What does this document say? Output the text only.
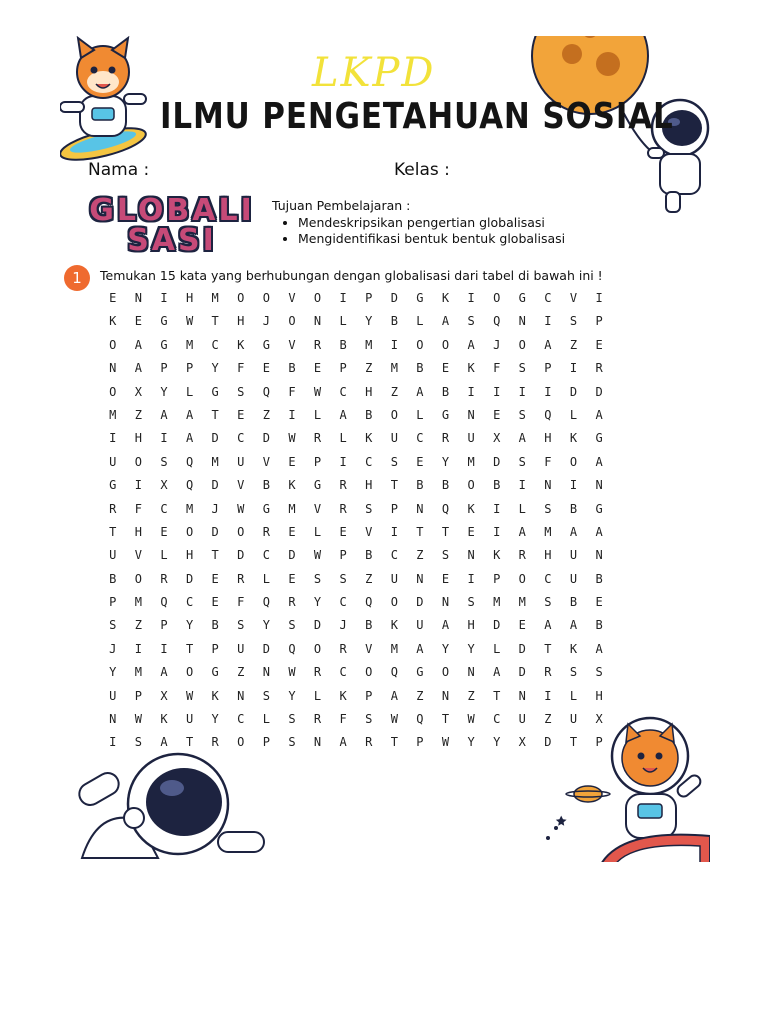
LKPD
ILMU PENGETAHUAN SOSIAL
Nama :	Kelas :
GLOBALI
SASI
Tujuan Pembelajaran :
• Mendeskripsikan pengertian globalisasi
• Mengidentifikasi bentuk bentuk globalisasi
1	Temukan 15 kata yang berhubungan dengan globalisasi dari tabel di bawah ini !
E	N	I	H	M	O	O	V	O	I	P	D	G	K	I	O	G	C	V	I
K	E	G	W	T	H	J	O	N	L	Y	B	L	A	S	Q	N	I	S	P
O	A	G	M	C	K	G	V	R	B	M	I	O	O	A	J	O	A	Z	E
N	A	P	P	Y	F	E	B	E	P	Z	M	B	E	K	F	S	P	I	R
O	X	Y	L	G	S	Q	F	W	C	H	Z	A	B	I	I	I	I	D	D
M	Z	A	A	T	E	Z	I	L	A	B	O	L	G	N	E	S	Q	L	A
I	H	I	A	D	C	D	W	R	L	K	U	C	R	U	X	A	H	K	G
U	O	S	Q	M	U	V	E	P	I	C	S	E	Y	M	D	S	F	O	A
G	I	X	Q	D	V	B	K	G	R	H	T	B	B	O	B	I	N	I	N
R	F	C	M	J	W	G	M	V	R	S	P	N	Q	K	I	L	S	B	G
T	H	E	O	D	O	R	E	L	E	V	I	T	T	E	I	A	M	A	A
U	V	L	H	T	D	C	D	W	P	B	C	Z	S	N	K	R	H	U	N
B	O	R	D	E	R	L	E	S	S	Z	U	N	E	I	P	O	C	U	B
P	M	Q	C	E	F	Q	R	Y	C	Q	O	D	N	S	M	M	S	B	E
S	Z	P	Y	B	S	Y	S	D	J	B	K	U	A	H	D	E	A	A	B
J	I	I	T	P	U	D	Q	O	R	V	M	A	Y	Y	L	D	T	K	A
Y	M	A	O	G	Z	N	W	R	C	O	Q	G	O	N	A	D	R	S	S
U	P	X	W	K	N	S	Y	L	K	P	A	Z	N	Z	T	N	I	L	H
N	W	K	U	Y	C	L	S	R	F	S	W	Q	T	W	C	U	Z	U	X
I	S	A	T	R	O	P	S	N	A	R	T	P	W	Y	Y	X	D	T	P
